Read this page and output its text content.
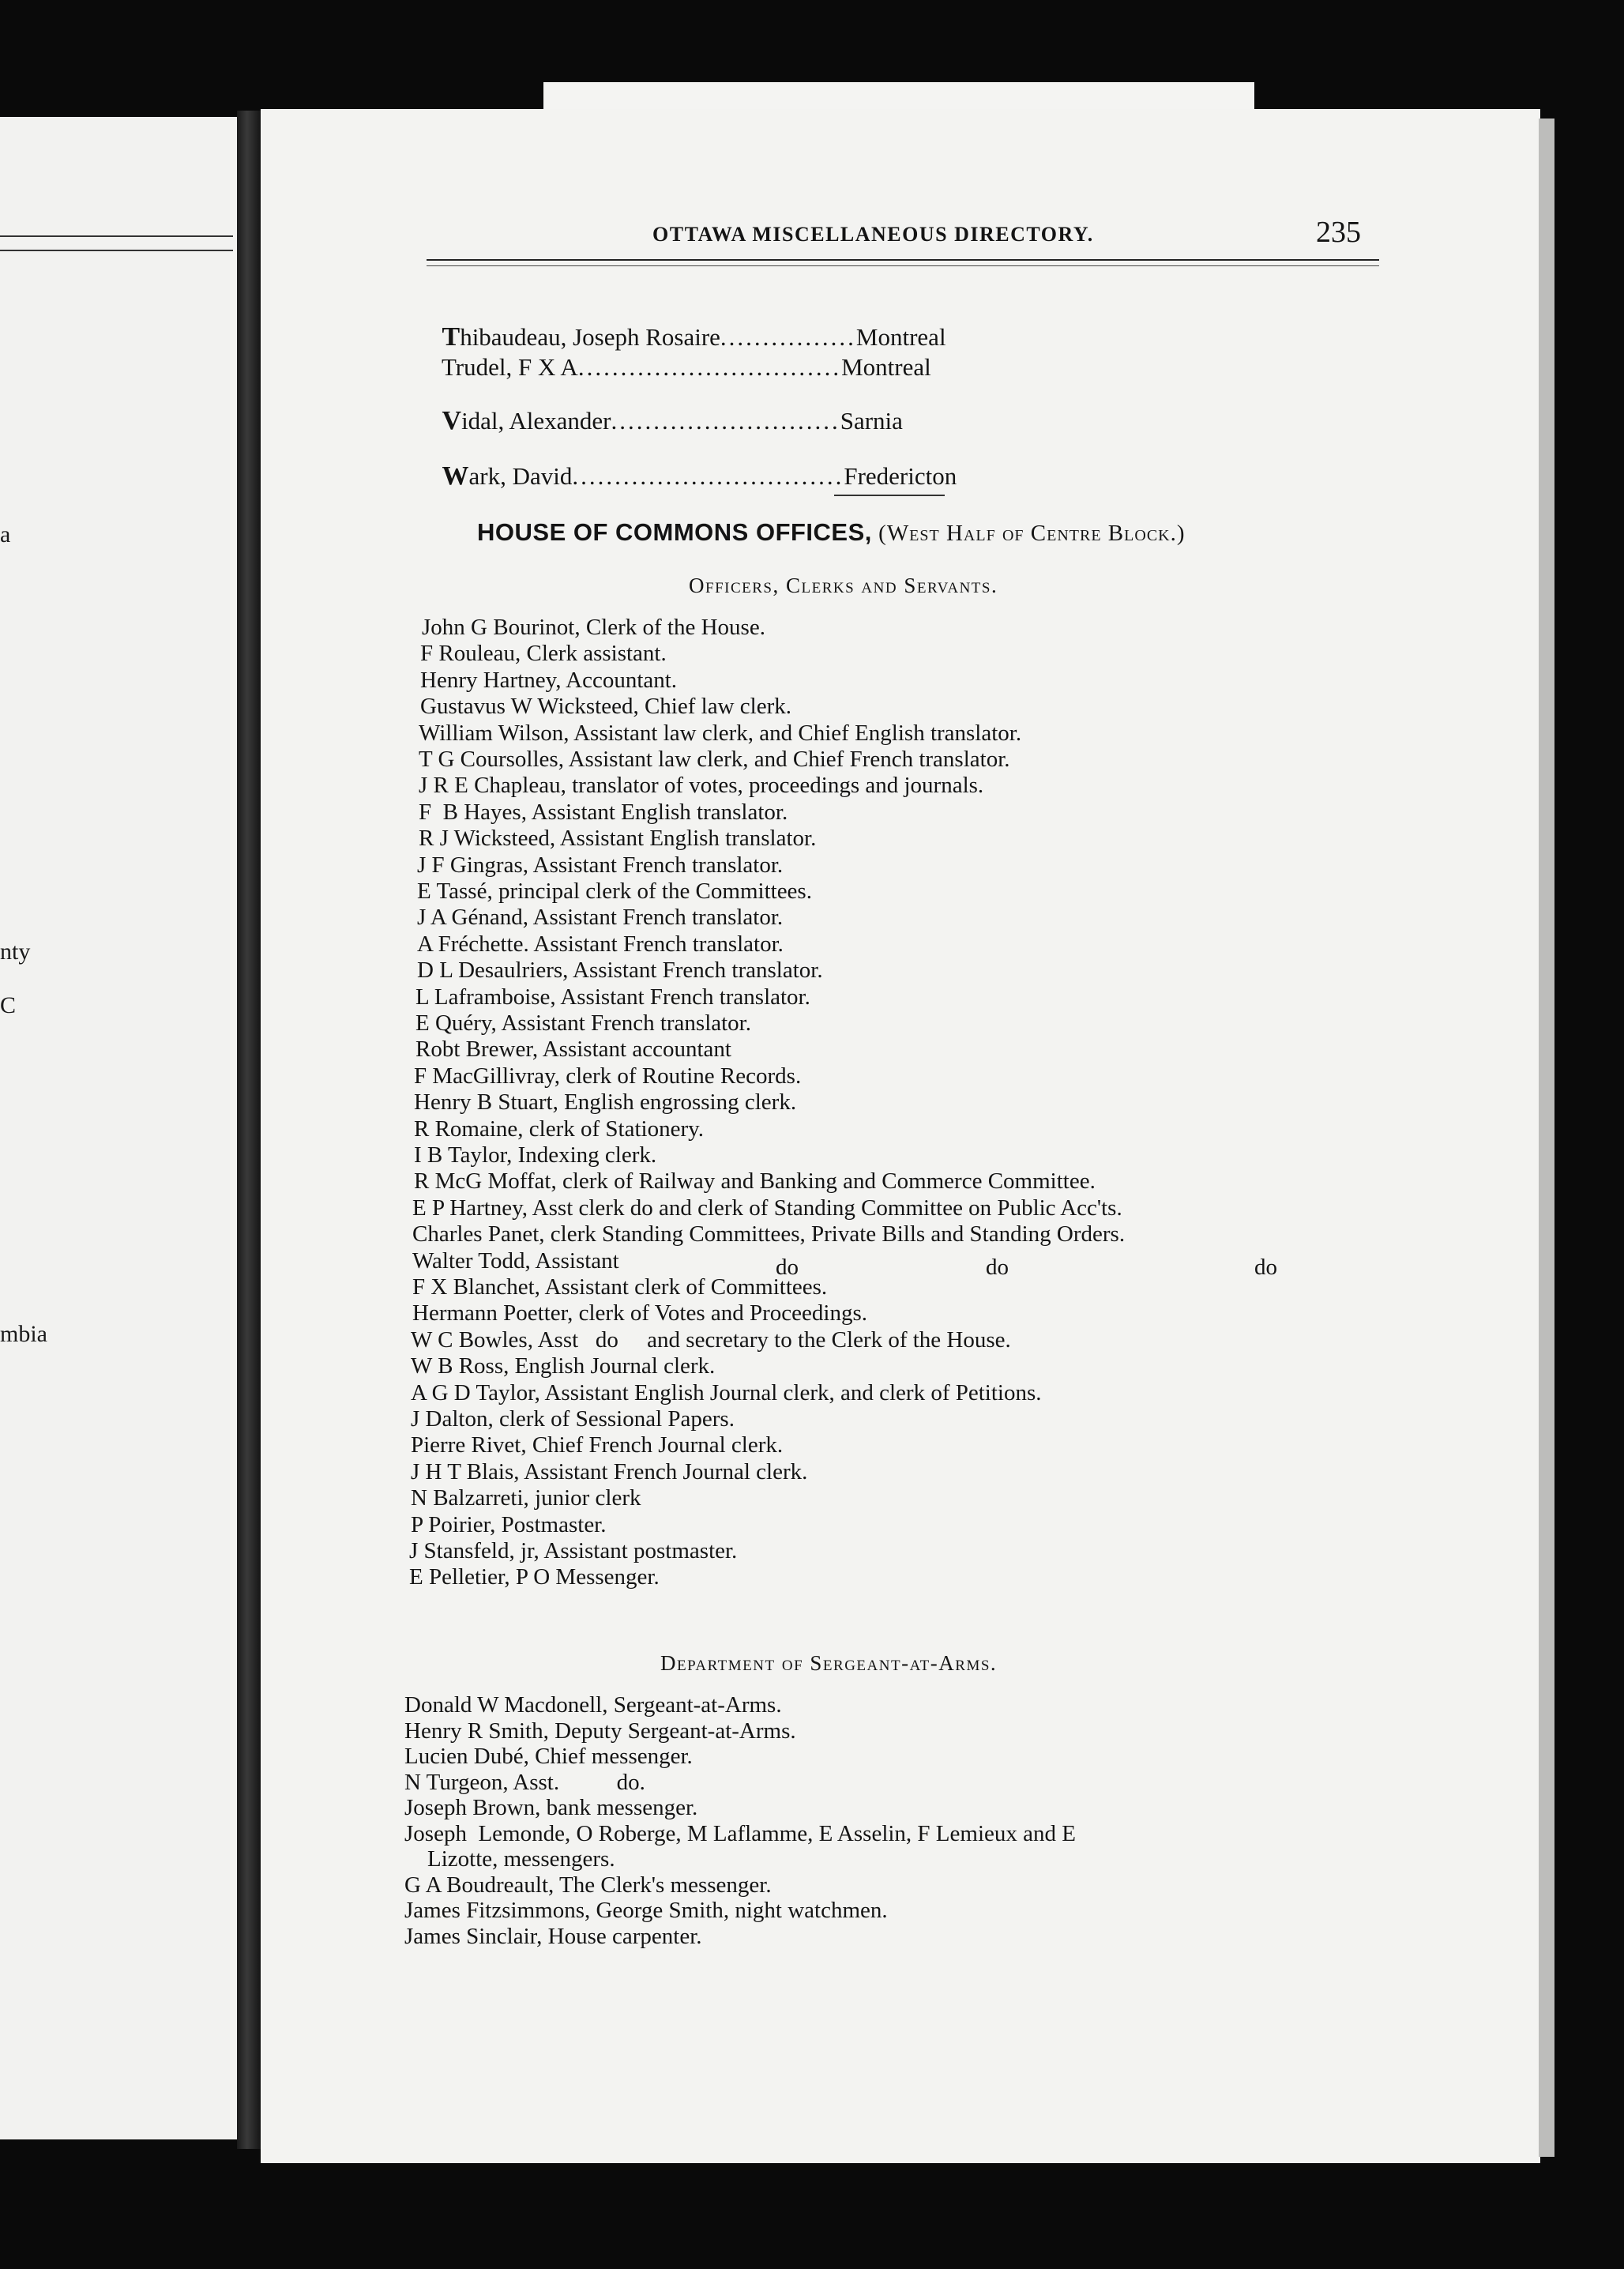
a
nty
C
mbia
OTTAWA MISCELLANEOUS DIRECTORY.	235

Thibaudeau, Joseph Rosaire................Montreal

Trudel, F X A...............................Montreal

Vidal, Alexander...........................Sarnia

Wark, David................................Fredericton

HOUSE OF COMMONS OFFICES, (West Half of Centre Block.)
Officers, Clerks and Servants.
John G Bourinot, Clerk of the House.
F Rouleau, Clerk assistant.
Henry Hartney, Accountant.
Gustavus W Wicksteed, Chief law clerk.
William Wilson, Assistant law clerk, and Chief English translator.
T G Coursolles, Assistant law clerk, and Chief French translator.
J R E Chapleau, translator of votes, proceedings and journals.
F  B Hayes, Assistant English translator.
R J Wicksteed, Assistant English translator.
J F Gingras, Assistant French translator.
E Tassé, principal clerk of the Committees.
J A Génand, Assistant French translator.
A Fréchette. Assistant French translator.
D L Desaulriers, Assistant French translator.
L Laframboise, Assistant French translator.
E Quéry, Assistant French translator.
Robt Brewer, Assistant accountant
F MacGillivray, clerk of Routine Records.
Henry B Stuart, English engrossing clerk.
R Romaine, clerk of Stationery.
I B Taylor, Indexing clerk.
R McG Moffat, clerk of Railway and Banking and Commerce Committee.
E P Hartney, Asst clerk do and clerk of Standing Committee on Public Acc'ts.
Charles Panet, clerk Standing Committees, Private Bills and Standing Orders.
Walter Todd, Assistant
F X Blanchet, Assistant clerk of Committees.
Hermann Poetter, clerk of Votes and Proceedings.
W C Bowles, Asst   do     and secretary to the Clerk of the House.
W B Ross, English Journal clerk.
A G D Taylor, Assistant English Journal clerk, and clerk of Petitions.
J Dalton, clerk of Sessional Papers.
Pierre Rivet, Chief French Journal clerk.
J H T Blais, Assistant French Journal clerk.
N Balzarreti, junior clerk
P Poirier, Postmaster.
J Stansfeld, jr, Assistant postmaster.
E Pelletier, P O Messenger.
do	do	do
Department of Sergeant-at-Arms.
Donald W Macdonell, Sergeant-at-Arms.
Henry R Smith, Deputy Sergeant-at-Arms.
Lucien Dubé, Chief messenger.
N Turgeon, Asst.          do.
Joseph Brown, bank messenger.
Joseph  Lemonde, O Roberge, M Laflamme, E Asselin, F Lemieux and E
Lizotte, messengers.
G A Boudreault, The Clerk's messenger.
James Fitzsimmons, George Smith, night watchmen.
James Sinclair, House carpenter.
